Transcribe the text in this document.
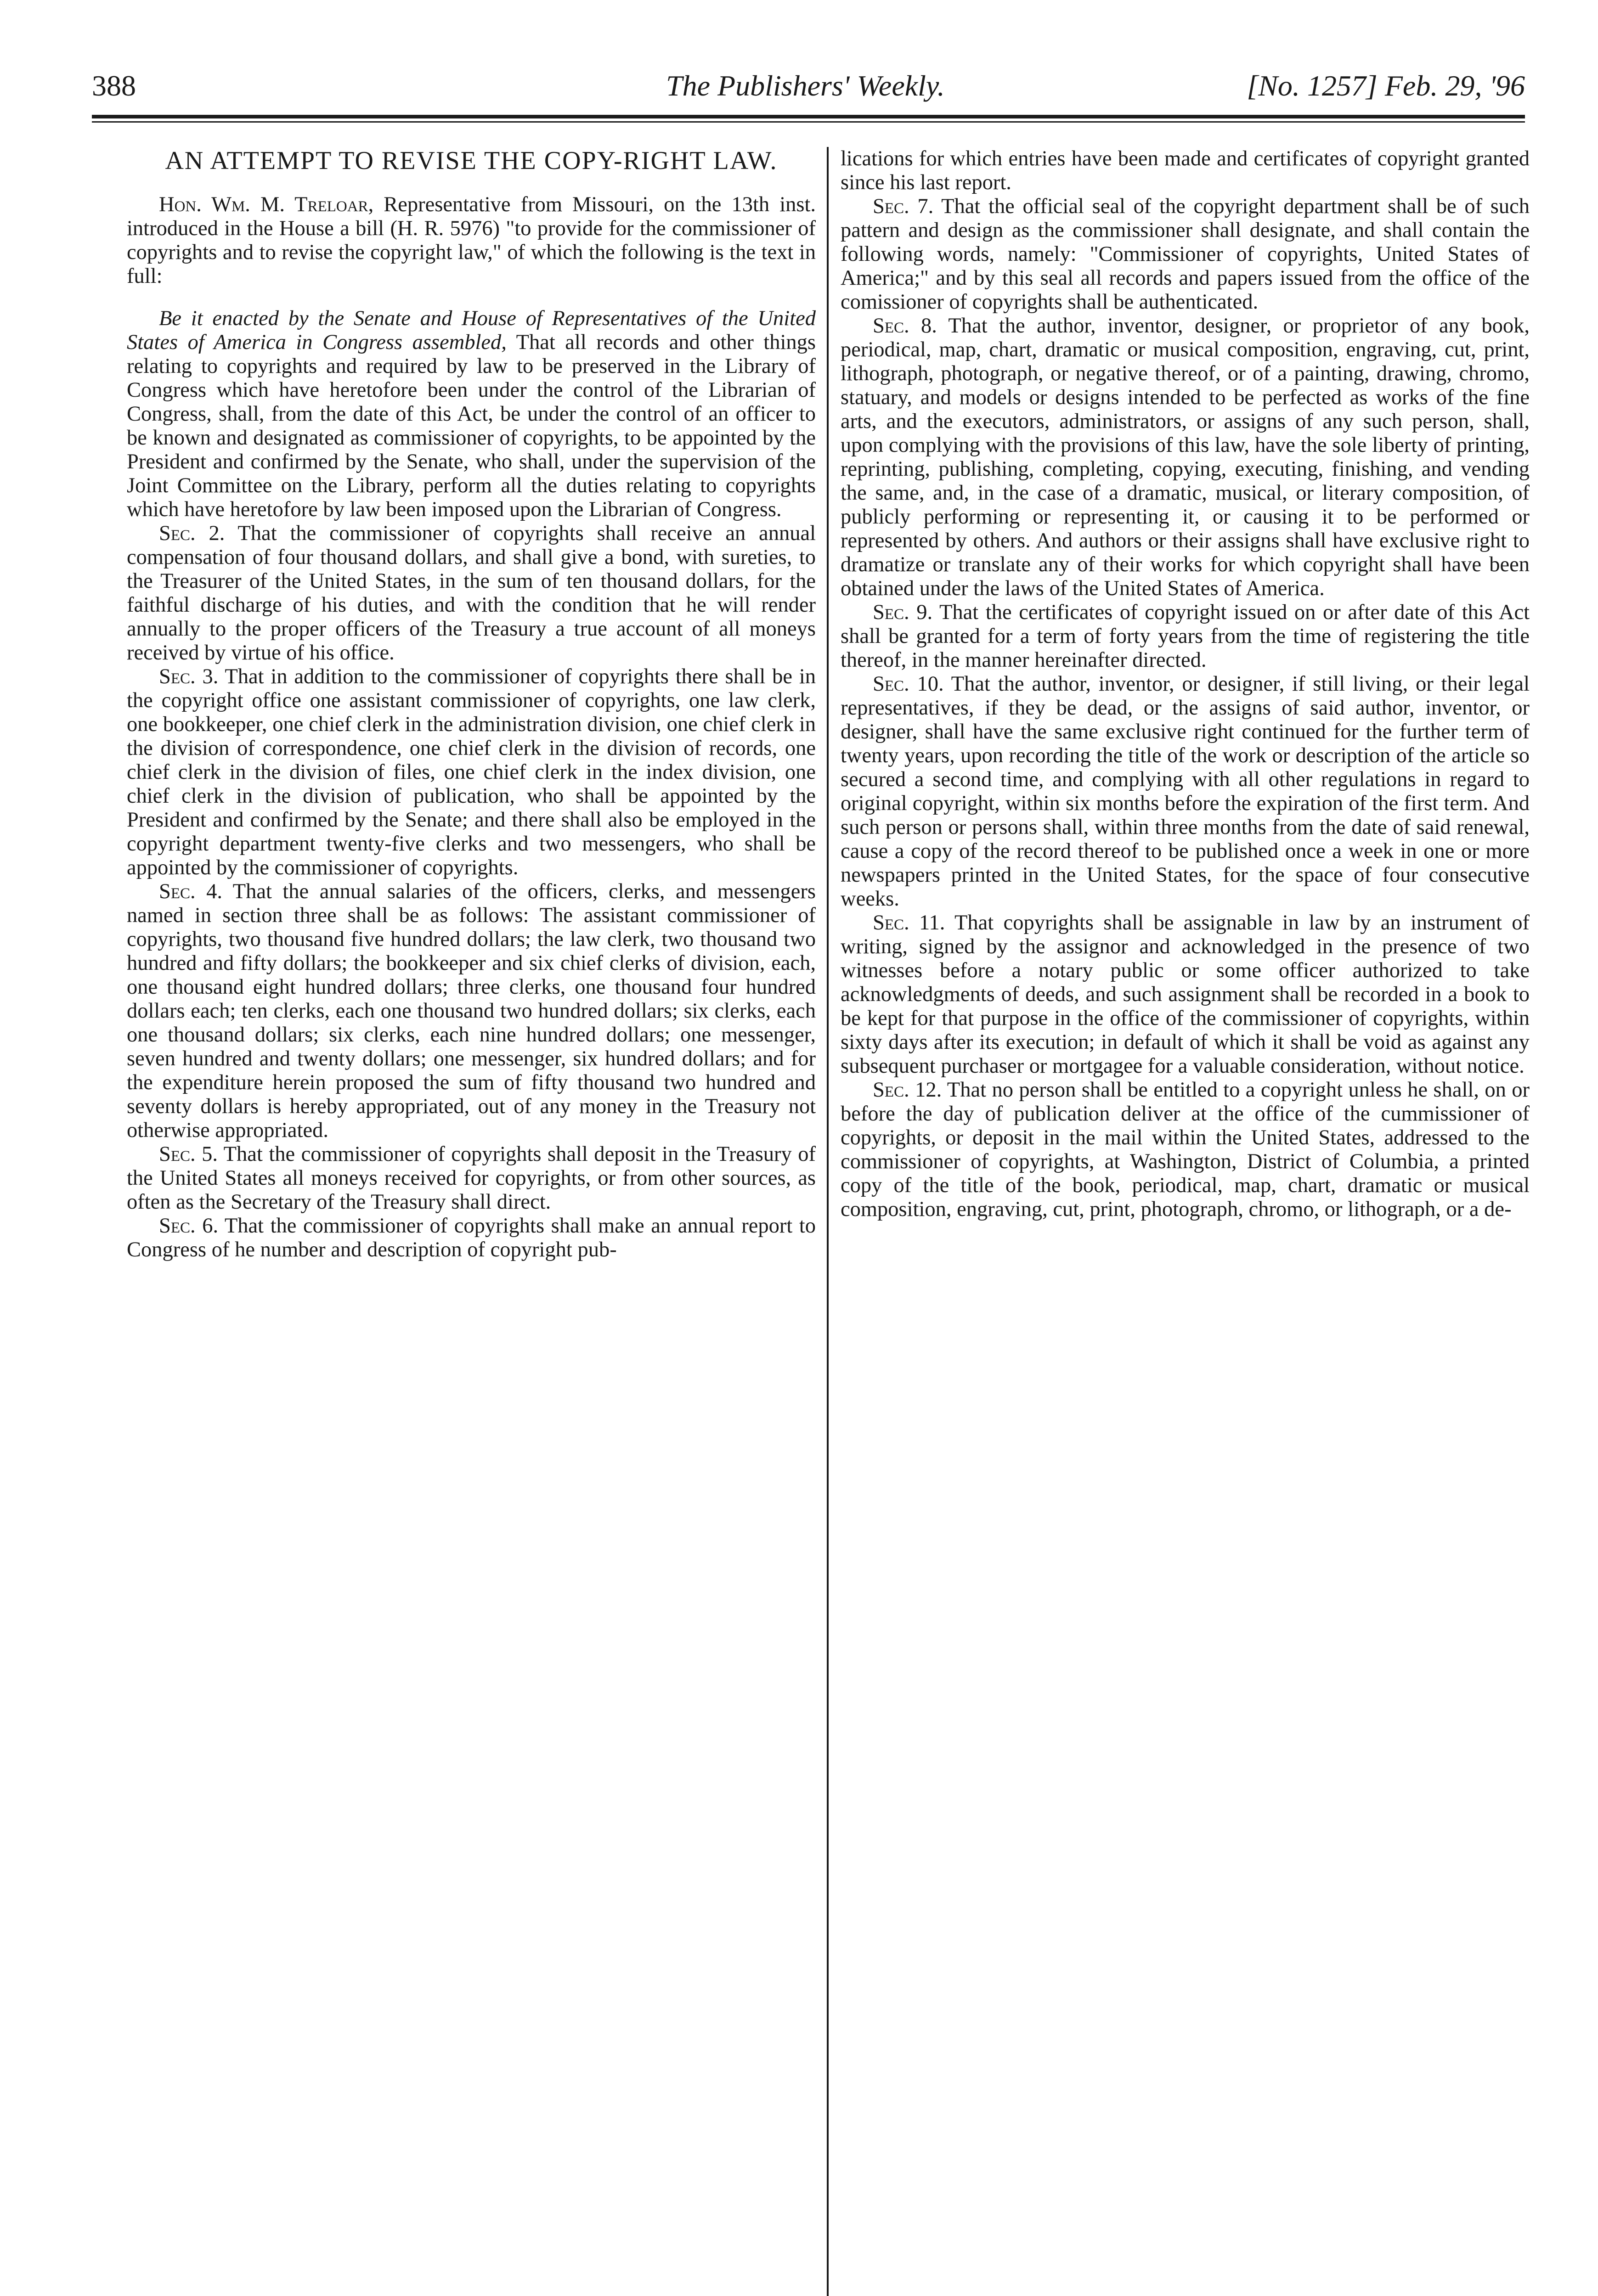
388	The Publishers' Weekly.	[No. 1257] Feb. 29, '96
AN ATTEMPT TO REVISE THE COPY-RIGHT LAW.

Hon. Wm. M. Treloar, Representative from Missouri, on the 13th inst. introduced in the House a bill (H. R. 5976) "to provide for the commissioner of copyrights and to revise the copyright law," of which the following is the text in full:

Be it enacted by the Senate and House of Representatives of the United States of America in Congress assembled, That all records and other things relating to copyrights and required by law to be preserved in the Library of Congress which have heretofore been under the control of the Librarian of Congress, shall, from the date of this Act, be under the control of an officer to be known and designated as commissioner of copyrights, to be appointed by the President and confirmed by the Senate, who shall, under the supervision of the Joint Committee on the Library, perform all the duties relating to copyrights which have heretofore by law been imposed upon the Librarian of Congress.

Sec. 2. That the commissioner of copyrights shall receive an annual compensation of four thousand dollars, and shall give a bond, with sureties, to the Treasurer of the United States, in the sum of ten thousand dollars, for the faithful discharge of his duties, and with the condition that he will render annually to the proper officers of the Treasury a true account of all moneys received by virtue of his office.

Sec. 3. That in addition to the commissioner of copyrights there shall be in the copyright office one assistant commissioner of copyrights, one law clerk, one bookkeeper, one chief clerk in the administration division, one chief clerk in the division of correspondence, one chief clerk in the division of records, one chief clerk in the division of files, one chief clerk in the index division, one chief clerk in the division of publication, who shall be appointed by the President and confirmed by the Senate; and there shall also be employed in the copyright department twenty-five clerks and two messengers, who shall be appointed by the commissioner of copyrights.

Sec. 4. That the annual salaries of the officers, clerks, and messengers named in section three shall be as follows: The assistant commissioner of copyrights, two thousand five hundred dollars; the law clerk, two thousand two hundred and fifty dollars; the bookkeeper and six chief clerks of division, each, one thousand eight hundred dollars; three clerks, one thousand four hundred dollars each; ten clerks, each one thousand two hundred dollars; six clerks, each one thousand dollars; six clerks, each nine hundred dollars; one messenger, seven hundred and twenty dollars; one messenger, six hundred dollars; and for the expenditure herein proposed the sum of fifty thousand two hundred and seventy dollars is hereby appropriated, out of any money in the Treasury not otherwise appropriated.

Sec. 5. That the commissioner of copyrights shall deposit in the Treasury of the United States all moneys received for copyrights, or from other sources, as often as the Secretary of the Treasury shall direct.

Sec. 6. That the commissioner of copyrights shall make an annual report to Congress of he number and description of copyright pub-

lications for which entries have been made and certificates of copyright granted since his last report.

Sec. 7. That the official seal of the copyright department shall be of such pattern and design as the commissioner shall designate, and shall contain the following words, namely: "Commissioner of copyrights, United States of America;" and by this seal all records and papers issued from the office of the comissioner of copyrights shall be authenticated.

Sec. 8. That the author, inventor, designer, or proprietor of any book, periodical, map, chart, dramatic or musical composition, engraving, cut, print, lithograph, photograph, or negative thereof, or of a painting, drawing, chromo, statuary, and models or designs intended to be perfected as works of the fine arts, and the executors, administrators, or assigns of any such person, shall, upon complying with the provisions of this law, have the sole liberty of printing, reprinting, publishing, completing, copying, executing, finishing, and vending the same, and, in the case of a dramatic, musical, or literary composition, of publicly performing or representing it, or causing it to be performed or represented by others. And authors or their assigns shall have exclusive right to dramatize or translate any of their works for which copyright shall have been obtained under the laws of the United States of America.

Sec. 9. That the certificates of copyright issued on or after date of this Act shall be granted for a term of forty years from the time of registering the title thereof, in the manner hereinafter directed.

Sec. 10. That the author, inventor, or designer, if still living, or their legal representatives, if they be dead, or the assigns of said author, inventor, or designer, shall have the same exclusive right continued for the further term of twenty years, upon recording the title of the work or description of the article so secured a second time, and complying with all other regulations in regard to original copyright, within six months before the expiration of the first term. And such person or persons shall, within three months from the date of said renewal, cause a copy of the record thereof to be published once a week in one or more newspapers printed in the United States, for the space of four consecutive weeks.

Sec. 11. That copyrights shall be assignable in law by an instrument of writing, signed by the assignor and acknowledged in the presence of two witnesses before a notary public or some officer authorized to take acknowledgments of deeds, and such assignment shall be recorded in a book to be kept for that purpose in the office of the commissioner of copyrights, within sixty days after its execution; in default of which it shall be void as against any subsequent purchaser or mortgagee for a valuable consideration, without notice.

Sec. 12. That no person shall be entitled to a copyright unless he shall, on or before the day of publication deliver at the office of the cummissioner of copyrights, or deposit in the mail within the United States, addressed to the commissioner of copyrights, at Washington, District of Columbia, a printed copy of the title of the book, periodical, map, chart, dramatic or musical composition, engraving, cut, print, photograph, chromo, or lithograph, or a de-
